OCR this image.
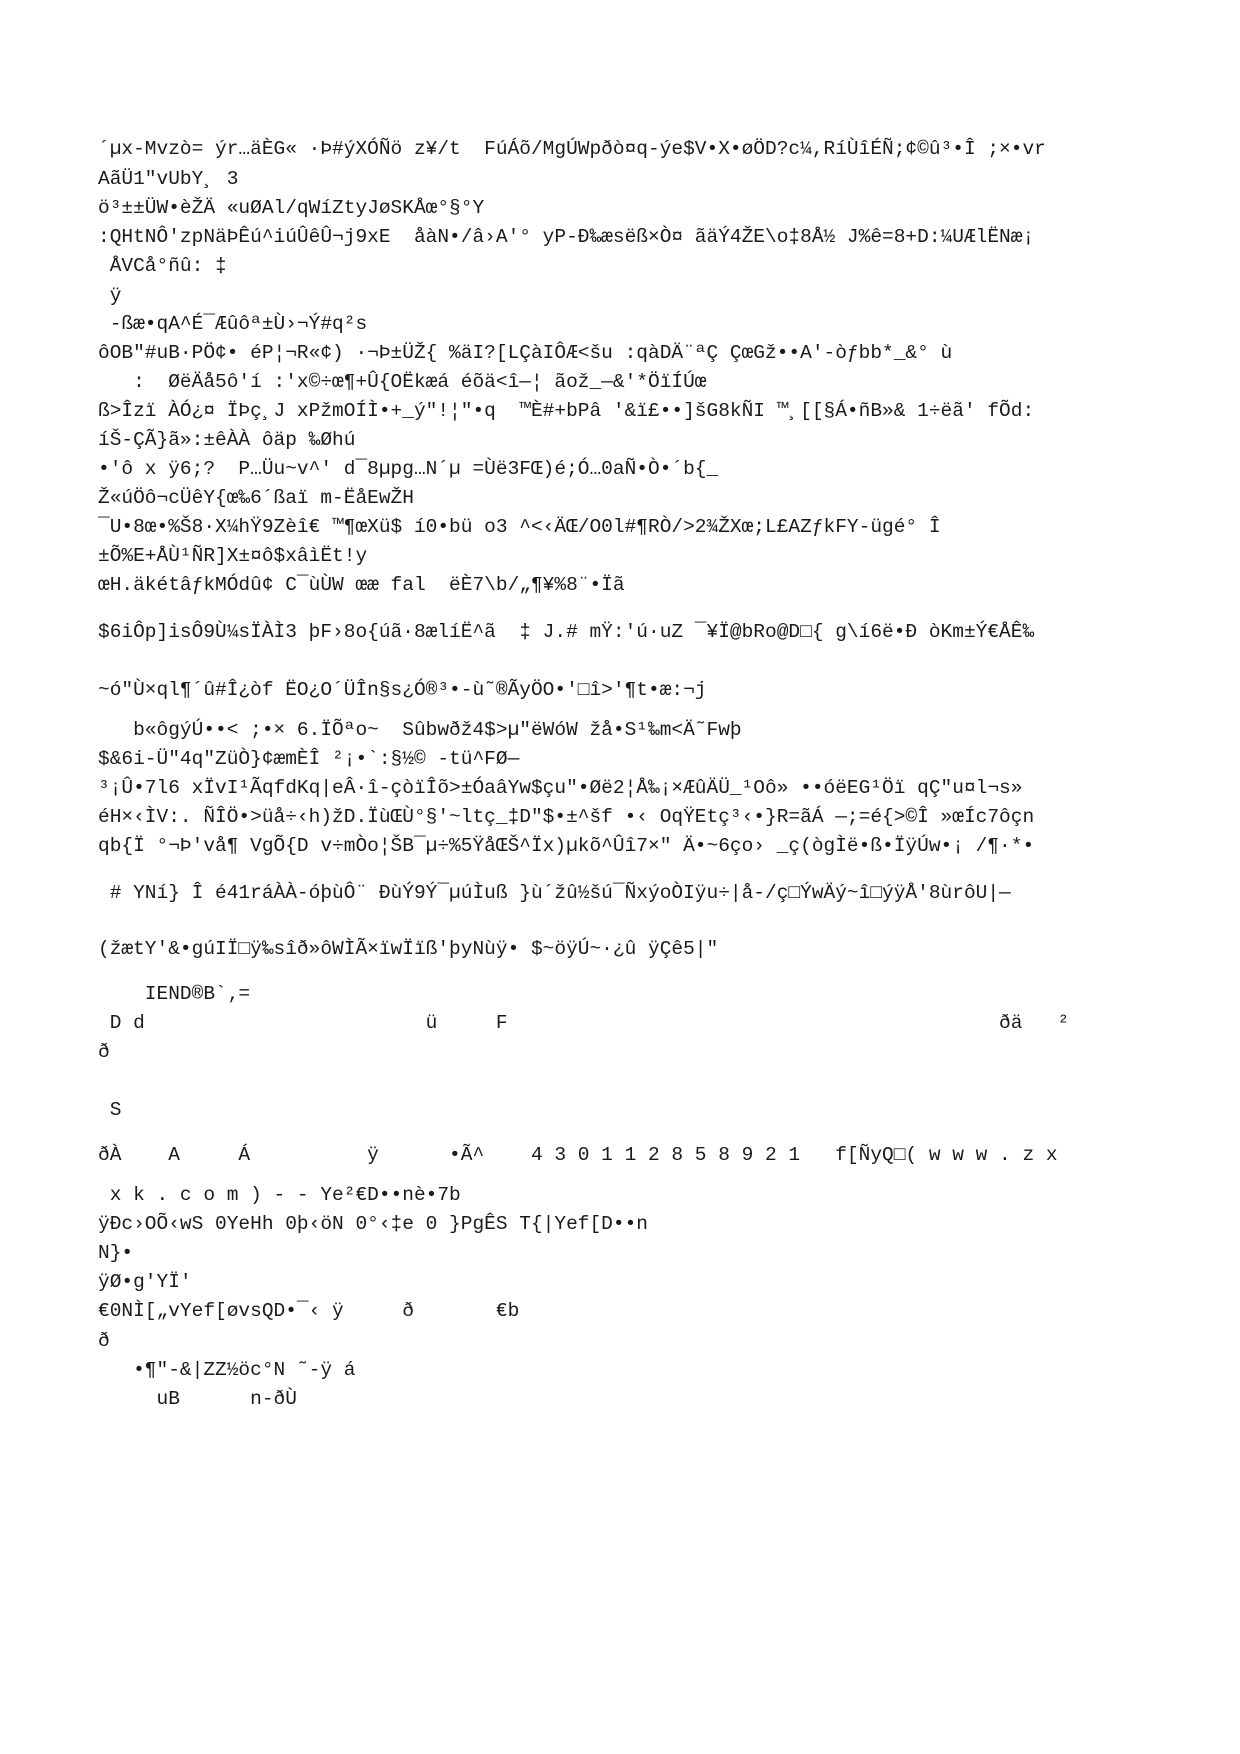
´µx-Mvzò= ýr…äÈG« ·Þ#ýXÓÑö z¥/t  FúÁõ/MgÚWpðò¤q-ýe$V•X•øÖD?c¼,RíÙîÉÑ;¢©û³•Î ;×•vr

AãÜ1"vUbY¸ 3

ö³±±ÜW•èŽÄ «uØAl/qWíZtyJøSKÅœ°§°Y

:QHtNÔ'zpNäÞÊú^iúÛêÛ¬j9xE  åàN•/â›A'° yP-Ð‰æsëß×Ò¤ ãäÝ4ŽE\o‡8Å½ J%ê=8+D:¼UÆlËNæ¡

ÅVCå°ñû: ‡

ÿ

-ßæ•qA^É¯Æûôª±Ù›¬Ý#q²s

ôOB"#uB·PÖ¢• éP¦¬R«¢) ·¬Þ±ÜŽ{ %äI?[LÇàIÔÆ<šu :qàDÄ¨ªÇ ÇœGž••A'-òƒbb*_&° ù

:  ØëÄå5ô'í :'x©÷œ¶+Û{OËkæá éõä<î—¦ ãož_—&'*ÖïÍÚœ

ß>Îzï ÀÓ¿¤ ÏÞç¸J xPžmOÍÌ•+_ý"!¦"•q  ™È#+bPâ '&ï£••]šG8kÑI ™¸[[§Á•ñB»& 1÷ëã' fÕd:

íŠ-ÇÃ}ã»:±êÀÀ ôäp ‰Øhú

•'ô x ÿ6;?  P…Üu~v^' d¯8µpg…N´µ =Ùë3FŒ)é;Ó…0aÑ•Ò•´b{_

Ž«úÖô¬cÜêY{œ‰6´ßaï m-ËåEwŽH

¯U•8œ•%Š8·X¼hŸ9Zèî€ ™¶œXü$ í0•bü o3 ^<‹ÄŒ/O0l#¶RÒ/>2¾ŽXœ;L£AZƒkFY-ügé° Î

±Õ%E+ÅÙ¹ÑR]X±¤ô$xâìËt!y

œH.äkétâƒkMÓdû¢ C¯ùÙW œæ fal  ëÈ7\b/„¶¥%8¨•Ïã

$6iÔp]isÔ9Ù¼sÏÀÌ3 þF›8o{úã·8ælíË^ã  ‡ J.# mŸ:'ú·uZ ¯¥Ï@bRo@D□{ g\í6ë•Ð òKm±Ý€ÅÊ‰

~ó"Ù×ql¶´û#Î¿òf ËO¿O´ÜÎn§s¿Ó®³•-ù˜®ÃyÖO•'□î>'¶t•æ:¬j

b«ôgýÚ••< ;•× 6.ÏÕªo~  Sûbwðž4$>µ"ëWóW žå•S¹‰m<Ä˜Fwþ

$&6i-Ü"4q"ZüÒ}¢æmÈÎ ²¡•`:§½© -tü^FØ—

³¡Û•7l6 xÏvI¹ÃqfdKq|eÂ·î-çòïÎõ>±ÓaâYw$çu"•Øë2¦Å‰¡×ÆûÄÜ_¹Oô» ••óëEG¹Öï qÇ"u¤l¬s»

éH×‹ÌV:. ÑÎÖ•>üå÷‹h)žD.ÏùŒÙ°§'~ltç_‡D"$•±^šf •‹ OqŸEtç³‹•}R=ãÁ —;=é{>©Î »œÍc7ôçn

qb{Ï °¬Þ'vå¶ VgÕ{D v÷mÒo¦ŠB¯µ÷%5ŸåŒŠ^Ïx)µkõ^Ûî7×" Ä•~6ço› _ç(ògÌë•ß•ÏÿÚw•¡ /¶·*•

# YNí} Î é41ráÀÀ-óþùÔ¨ ÐùÝ9Ý¯µúÌuß }ù´žû½šú¯ÑxýoÒIÿu÷|å-/ç□ÝwÄý~î□ýÿÅ'8ùrôU|—

(žætY'&•gúIÏ□ÿ‰sîð»ôWÌÃ×ïwÏïß'þyNùÿ• $~öÿÚ~·¿û ÿÇê5|"

IEND®B`‚=

D d                        ü     F                                          ðä   ²

ð

S

ðÀ    A     Á          ÿ      •Ã^    4 3 0 1 1 2 8 5 8 9 2 1   f[ÑyQ□( w w w . z x

x k . c o m ) - - Ye²€D••nè•7b

ÿÐc›OÕ‹wS 0YeHh 0þ‹öN 0°‹‡e 0 }PgÊS T{|Yef[D••n

N}•

ÿØ•g'YÏ'

€0NÌ[„vYef[øvsQD•¯‹ ÿ     ð       €b

ð

•¶"-&|ZZ½öc°N ˜-ÿ á

uB      n-ðÙ
